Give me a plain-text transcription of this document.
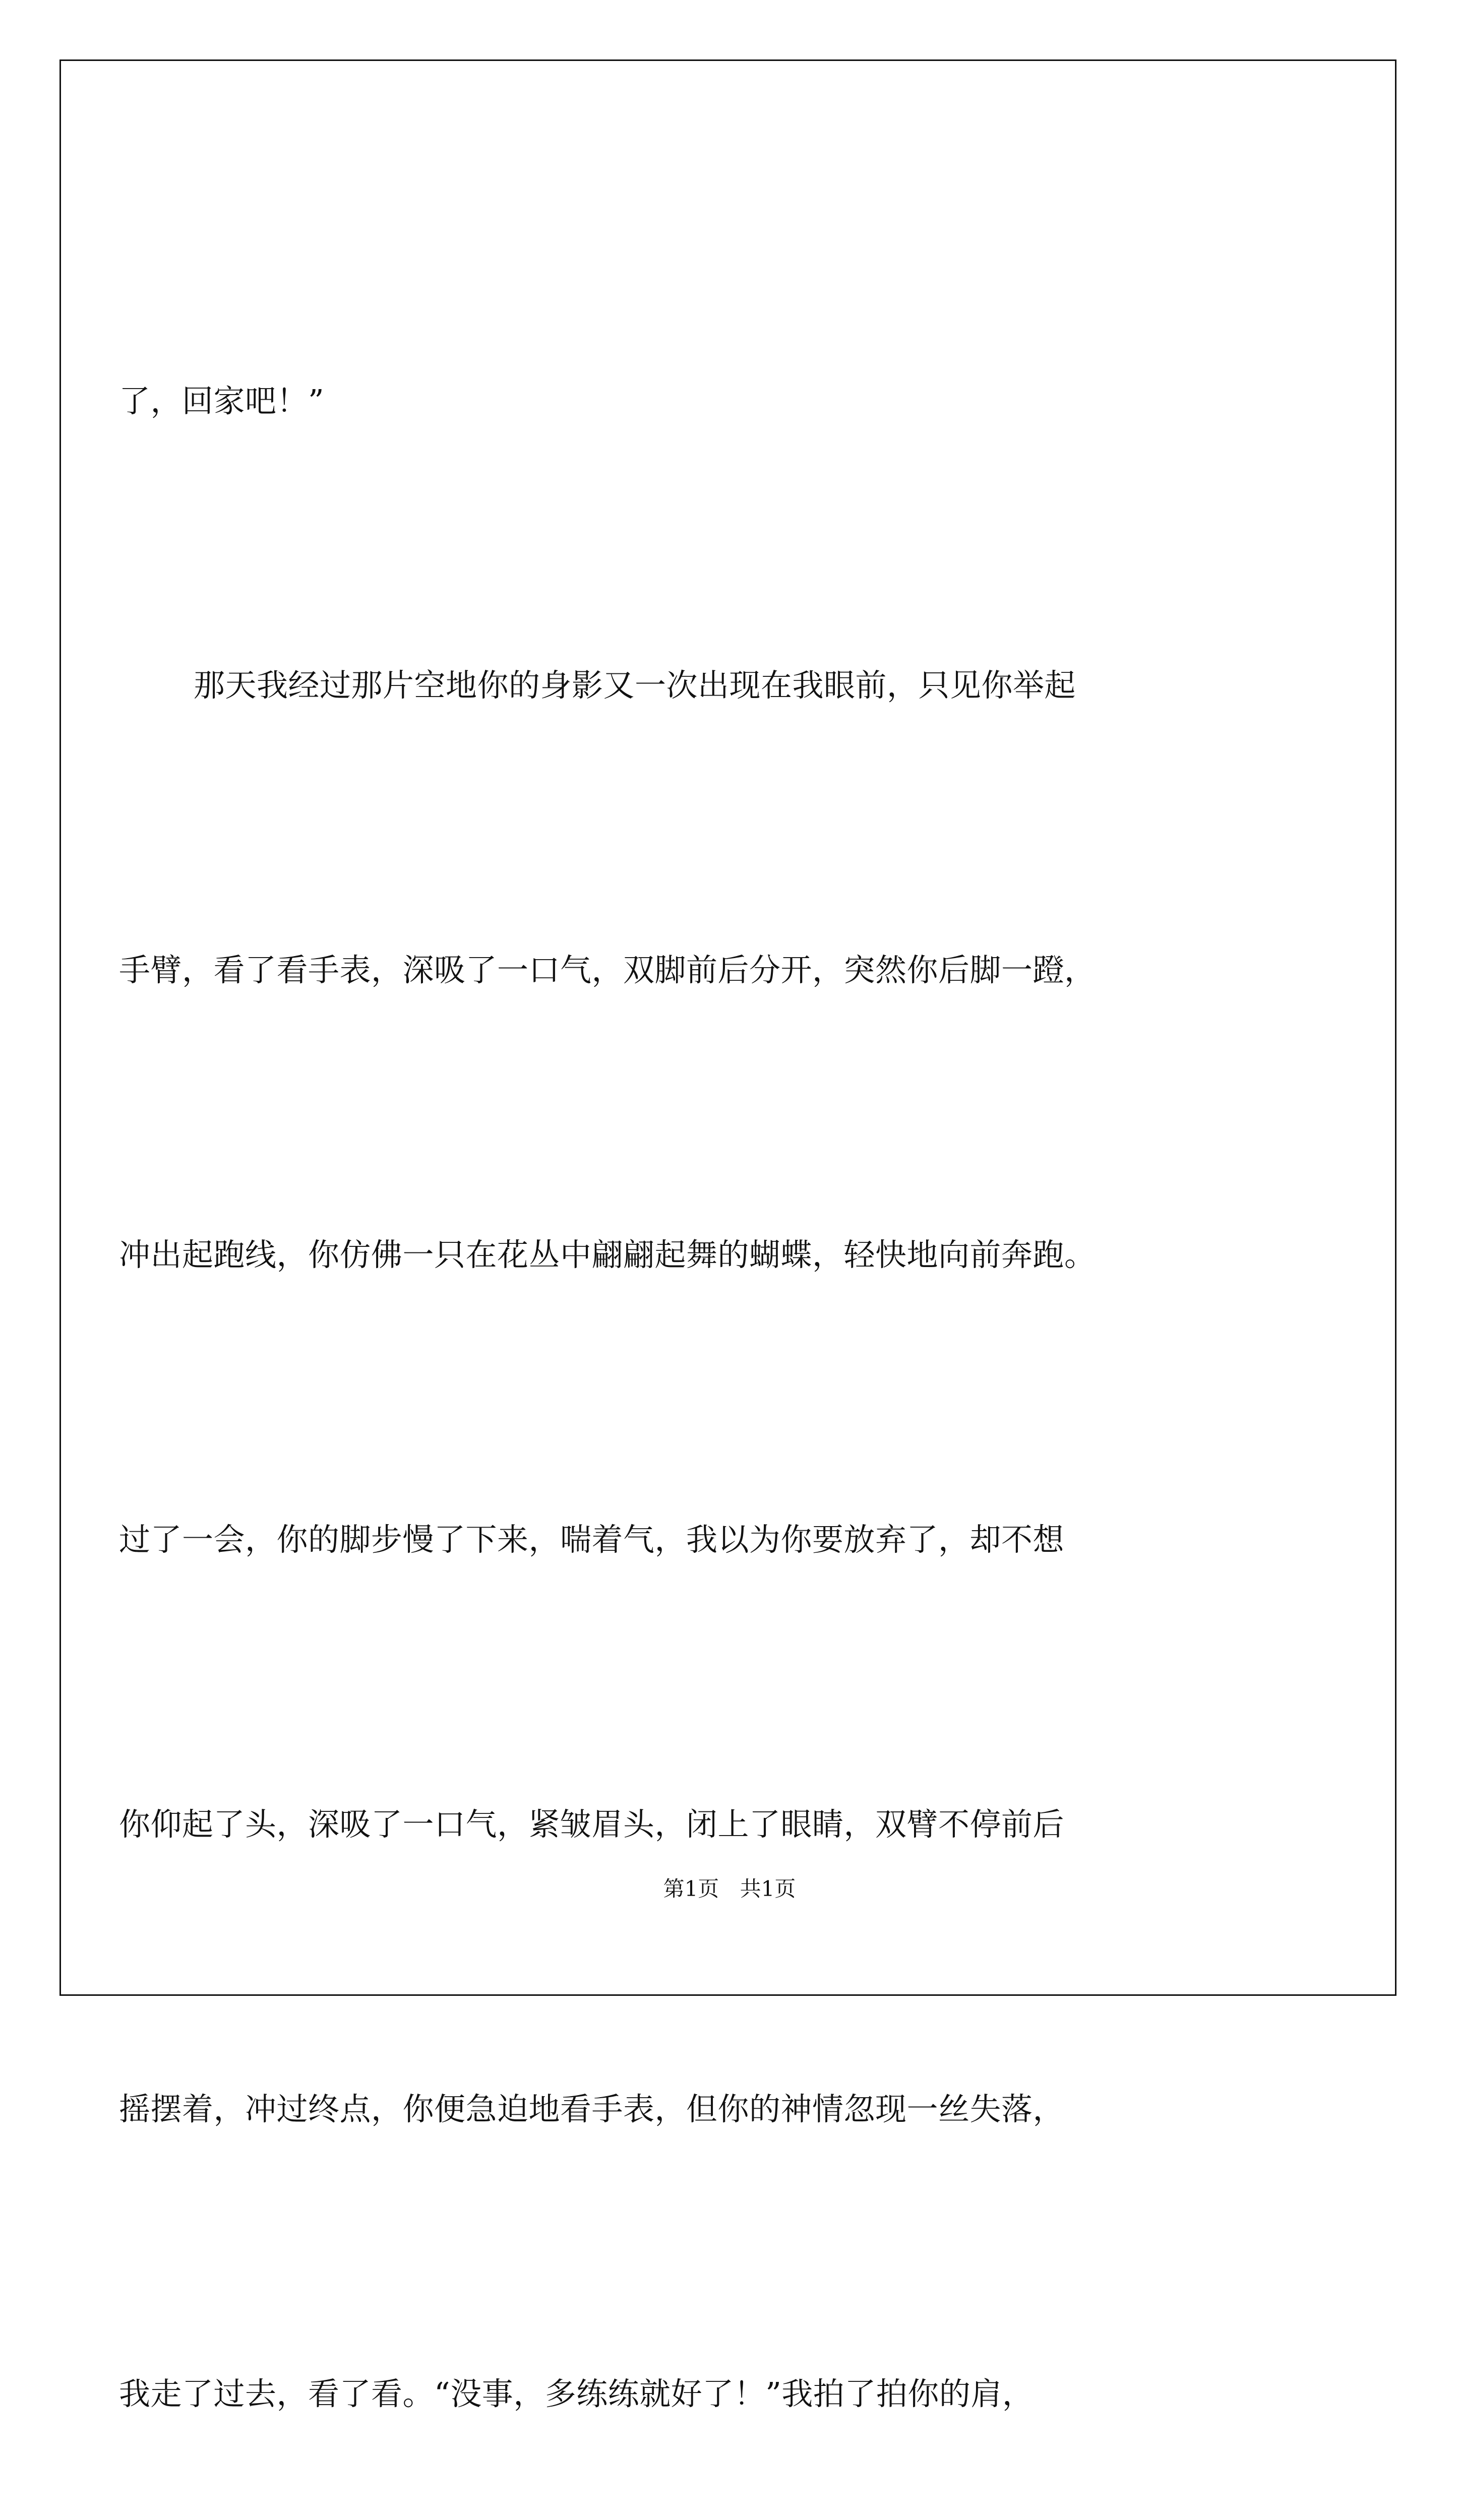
了，回家吧！”

那天我经过那片空地你的身影又一次出现在我眼前，只见你举起

手臂，看了看手表，深吸了一口气，双脚前后分开，突然你后脚一蹬，

冲出起跑线，你仿佛一只在花丛中翩翩起舞的蝴蝶，轻快地向前奔跑。

过了一会，你的脚步慢了下来，喘着气，我以为你要放弃了，却不想

你仰起了头，深吸了一口气，紧皱眉头，闭上了眼睛，双臂不停前后

摇摆着，冲过终点，你便急迫地看手表，但你的神情忽现一丝失落，

我走了过去，看了看。“没事，多练练就好了！”我拍了拍你的肩，

第1页 共1页
